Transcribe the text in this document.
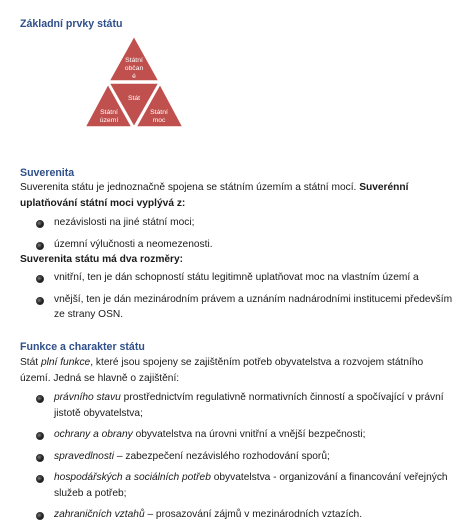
Základní prvky státu
Státní
občan
é
Stát
Státní
území
Státní
moc
Suverenita
Suverenita státu je jednoznačně spojena se státním územím a státní mocí. Suverénní uplatňování státní moci vyplývá z:
nezávislosti na jiné státní moci;
územní výlučnosti a neomezenosti.
Suverenita státu má dva rozměry:
vnitřní, ten je dán schopností státu legitimně uplatňovat moc na vlastním území a
vnější, ten je dán mezinárodním právem a uznáním nadnárodními institucemi především ze strany OSN.
Funkce a charakter státu
Stát plní funkce, které jsou spojeny se zajištěním potřeb obyvatelstva a rozvojem státního území. Jedná se hlavně o zajištění:
právního stavu prostřednictvím regulativně normativních činností a spočívající v právní jistotě obyvatelstva;
ochrany a obrany obyvatelstva na úrovni vnitřní a vnější bezpečnosti;
spravedlnosti – zabezpečení nezávislého rozhodování sporů;
hospodářských a sociálních potřeb obyvatelstva - organizování a financování veřejných služeb a potřeb;
zahraničních vztahů – prosazování zájmů v mezinárodních vztazích.
